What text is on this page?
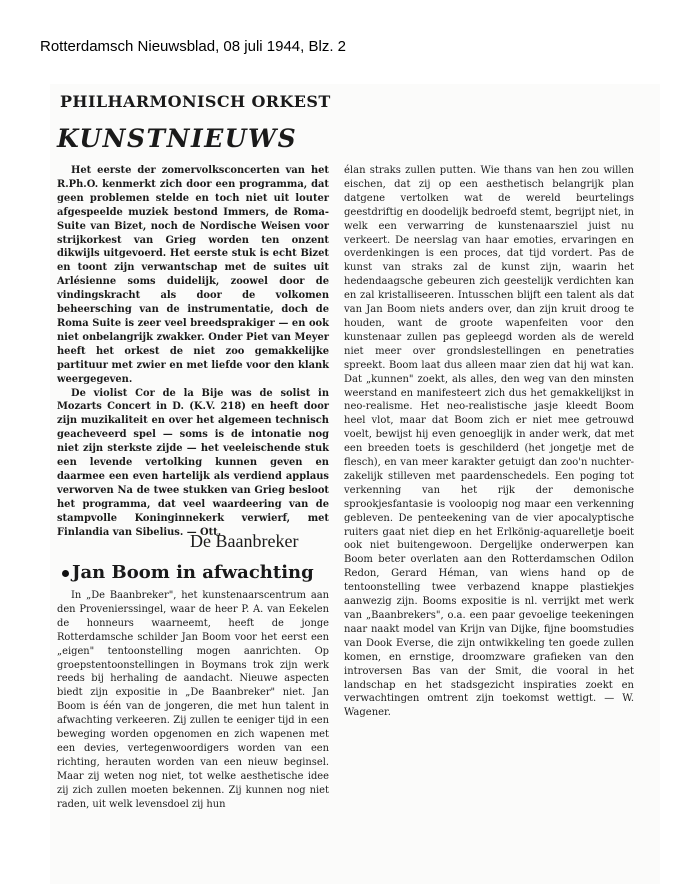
Rotterdamsch Nieuwsblad, 08 juli 1944, Blz. 2
PHILHARMONISCH ORKEST
KUNSTNIEUWS

Het eerste der zomervolksconcerten van het R.Ph.O. kenmerkt zich door een programma, dat geen problemen stelde en toch niet uit louter afgespeelde muziek bestond Immers, de Roma-Suite van Bizet, noch de Nordische Weisen voor strijkorkest van Grieg worden ten onzent dikwijls uitgevoerd. Het eerste stuk is echt Bizet en toont zijn verwantschap met de suites uit Arlésienne soms duidelijk, zoowel door de vindingskracht als door de volkomen beheersching van de instrumentatie, doch de Roma Suite is zeer veel breedsprakiger — en ook niet onbelangrijk zwakker. Onder Piet van Meyer heeft het orkest de niet zoo gemakkelijke partituur met zwier en met liefde voor den klank weergegeven.

De violist Cor de la Bije was de solist in Mozarts Concert in D. (K.V. 218) en heeft door zijn muzikaliteit en over het algemeen technisch geacheveerd spel — soms is de intonatie nog niet zijn sterkste zijde — het veeleischende stuk een levende vertolking kunnen geven en daarmee een even hartelijk als verdiend applaus verworven Na de twee stukken van Grieg besloot het programma, dat veel waardeering van de stampvolle Koninginnekerk verwierf, met Finlandia van Sibelius. — Ott.

De Baanbreker
Jan Boom in afwachting

In „De Baanbreker", het kunstenaarscentrum aan den Provenierssingel, waar de heer P. A. van Eekelen de honneurs waarneemt, heeft de jonge Rotterdamsche schilder Jan Boom voor het eerst een „eigen" tentoonstelling mogen aanrichten. Op groepstentoonstellingen in Boymans trok zijn werk reeds bij herhaling de aandacht. Nieuwe aspecten biedt zijn expositie in „De Baanbreker" niet. Jan Boom is één van de jongeren, die met hun talent in afwachting verkeeren. Zij zullen te eeniger tijd in een beweging worden opgenomen en zich wapenen met een devies, vertegenwoordigers worden van een richting, herauten worden van een nieuw beginsel. Maar zij weten nog niet, tot welke aesthetische idee zij zich zullen moeten bekennen. Zij kunnen nog niet raden, uit welk levensdoel zij hun

élan straks zullen putten. Wie thans van hen zou willen eischen, dat zij op een aesthetisch belangrijk plan datgene vertolken wat de wereld beurtelings geestdriftig en doodelijk bedroefd stemt, begrijpt niet, in welk een verwarring de kunstenaarsziel juist nu verkeert. De neerslag van haar emoties, ervaringen en overdenkingen is een proces, dat tijd vordert. Pas de kunst van straks zal de kunst zijn, waarin het hedendaagsche gebeuren zich geestelijk verdichten kan en zal kristalliseeren. Intusschen blijft een talent als dat van Jan Boom niets anders over, dan zijn kruit droog te houden, want de groote wapenfeiten voor den kunstenaar zullen pas gepleegd worden als de wereld niet meer over grondslestellingen en penetraties spreekt. Boom laat dus alleen maar zien dat hij wat kan. Dat „kunnen" zoekt, als alles, den weg van den minsten weerstand en manifesteert zich dus het gemakkelijkst in neo-realisme. Het neo-realistische jasje kleedt Boom heel vlot, maar dat Boom zich er niet mee getrouwd voelt, bewijst hij even genoeglijk in ander werk, dat met een breeden toets is geschilderd (het jongetje met de flesch), en van meer karakter getuigt dan zoo'n nuchter-zakelijk stilleven met paardenschedels. Een poging tot verkenning van het rijk der demonische sprookjesfantasie is vooloopig nog maar een verkenning gebleven. De penteekening van de vier apocalyptische ruiters gaat niet diep en het Erlkönig-aquarelletje boeit ook niet buitengewoon. Dergelijke onderwerpen kan Boom beter overlaten aan den Rotterdamschen Odilon Redon, Gerard Héman, van wiens hand op de tentoonstelling twee verbazend knappe plastiekjes aanwezig zijn. Booms expositie is nl. verrijkt met werk van „Baanbrekers", o.a. een paar gevoelige teekeningen naar naakt model van Krijn van Dijke, fijne boomstudies van Dook Everse, die zijn ontwikkeling ten goede zullen komen, en ernstige, droomzware grafieken van den introversen Bas van der Smit, die vooral in het landschap en het stadsgezicht inspiraties zoekt en verwachtingen omtrent zijn toekomst wettigt. — W. Wagener.
